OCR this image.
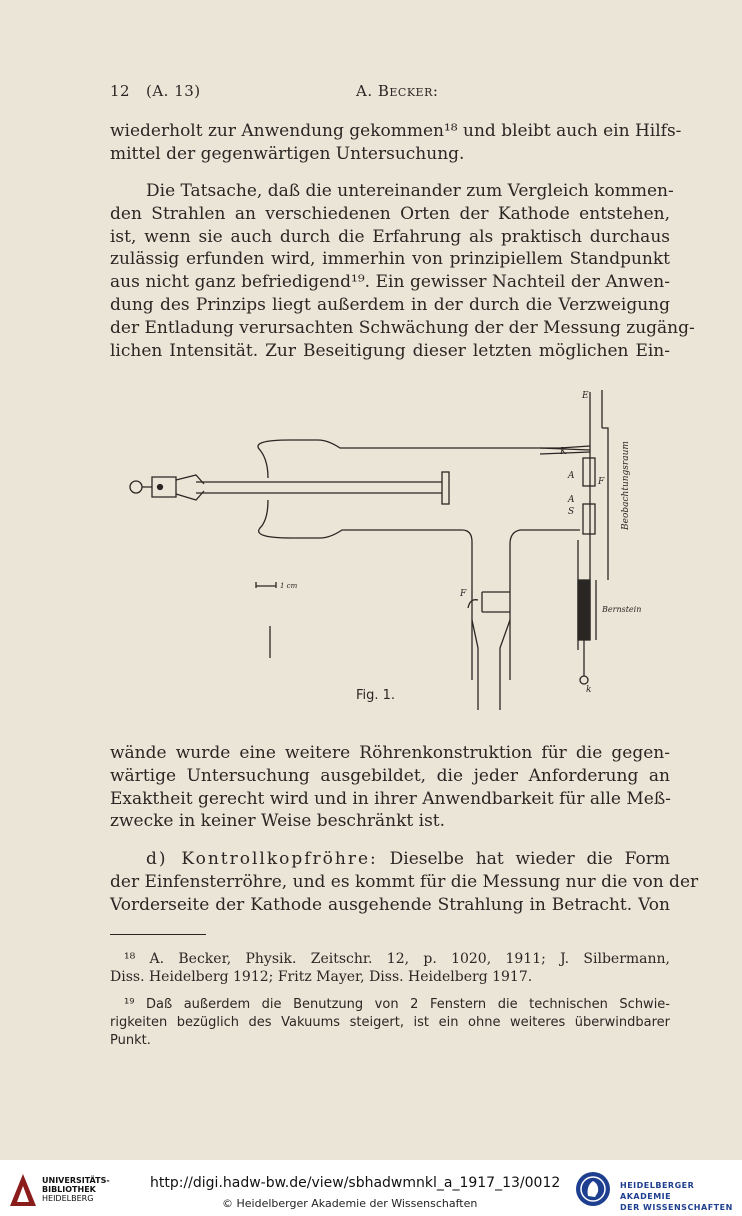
12 (A. 13)	A. Becker:

wiederholt zur Anwendung gekommen¹⁸ und bleibt auch ein Hilfs-
mittel der gegenwärtigen Untersuchung.

Die Tatsache, daß die untereinander zum Vergleich kommen-
den Strahlen an verschiedenen Orten der Kathode entstehen,
ist, wenn sie auch durch die Erfahrung als praktisch durchaus
zulässig erfunden wird, immerhin von prinzipiellem Standpunkt
aus nicht ganz befriedigend¹⁹. Ein gewisser Nachteil der Anwen-
dung des Prinzips liegt außerdem in der durch die Verzweigung
der Entladung verursachten Schwächung der der Messung zugäng-
lichen Intensität. Zur Beseitigung dieser letzten möglichen Ein-

E
K
A
F
A
S
F
k
1 cm
Bernstein
Beobachtungsraum
Fig. 1.

wände wurde eine weitere Röhrenkonstruktion für die gegen-
wärtige Untersuchung ausgebildet, die jeder Anforderung an
Exaktheit gerecht wird und in ihrer Anwendbarkeit für alle Meß-
zwecke in keiner Weise beschränkt ist.

d) Kontrollkopfröhre: Dieselbe hat wieder die Form
der Einfensterröhre, und es kommt für die Messung nur die von der
Vorderseite der Kathode ausgehende Strahlung in Betracht. Von

¹⁸ A. Becker, Physik. Zeitschr. 12, p. 1020, 1911; J. Silbermann,
Diss. Heidelberg 1912; Fritz Mayer, Diss. Heidelberg 1917.

¹⁹ Daß außerdem die Benutzung von 2 Fenstern die technischen Schwie-
rigkeiten bezüglich des Vakuums steigert, ist ein ohne weiteres überwindbarer
Punkt.

UNIVERSITÄTS-
BIBLIOTHEK
HEIDELBERG
http://digi.hadw-bw.de/view/sbhadwmnkl_a_1917_13/0012
© Heidelberger Akademie der Wissenschaften
HEIDELBERGER AKADEMIE
DER WISSENSCHAFTEN
